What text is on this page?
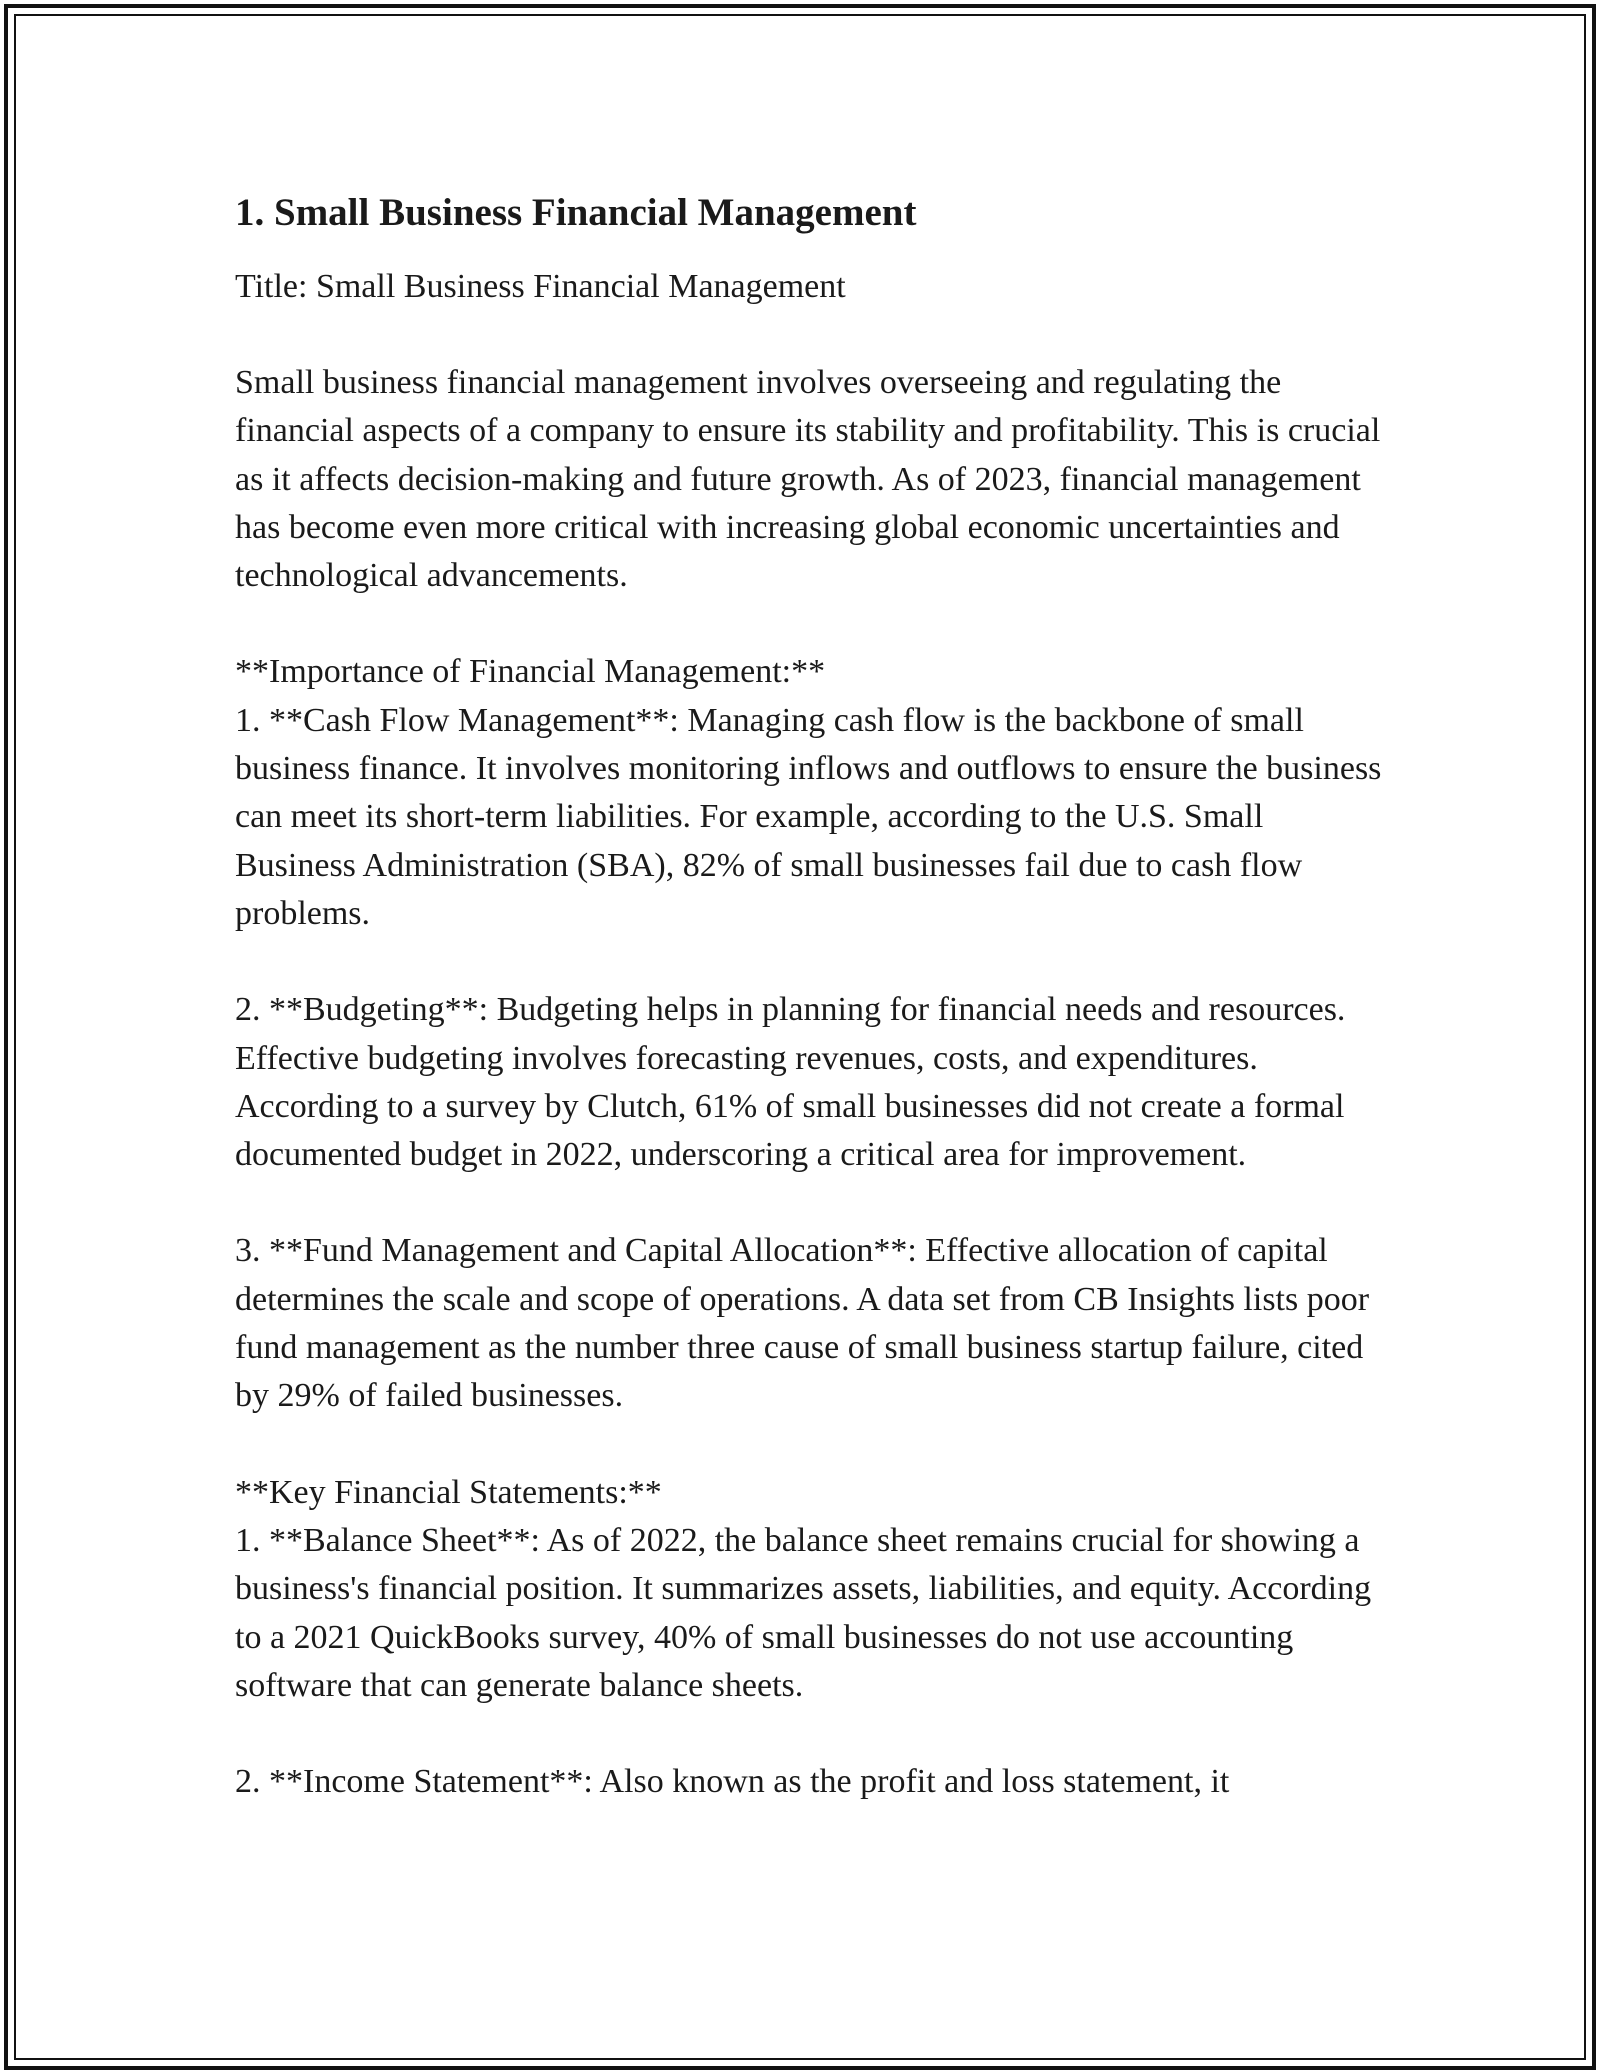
1. Small Business Financial Management

Title: Small Business Financial Management

Small business financial management involves overseeing and regulating the financial aspects of a company to ensure its stability and profitability. This is crucial as it affects decision-making and future growth. As of 2023, financial management has become even more critical with increasing global economic uncertainties and technological advancements.

**Importance of Financial Management:**

1. **Cash Flow Management**: Managing cash flow is the backbone of small business finance. It involves monitoring inflows and outflows to ensure the business can meet its short-term liabilities. For example, according to the U.S. Small Business Administration (SBA), 82% of small businesses fail due to cash flow problems.

2. **Budgeting**: Budgeting helps in planning for financial needs and resources. Effective budgeting involves forecasting revenues, costs, and expenditures. According to a survey by Clutch, 61% of small businesses did not create a formal documented budget in 2022, underscoring a critical area for improvement.

3. **Fund Management and Capital Allocation**: Effective allocation of capital determines the scale and scope of operations. A data set from CB Insights lists poor fund management as the number three cause of small business startup failure, cited by 29% of failed businesses.

**Key Financial Statements:**

1. **Balance Sheet**: As of 2022, the balance sheet remains crucial for showing a business's financial position. It summarizes assets, liabilities, and equity. According to a 2021 QuickBooks survey, 40% of small businesses do not use accounting software that can generate balance sheets.

2. **Income Statement**: Also known as the profit and loss statement, it
